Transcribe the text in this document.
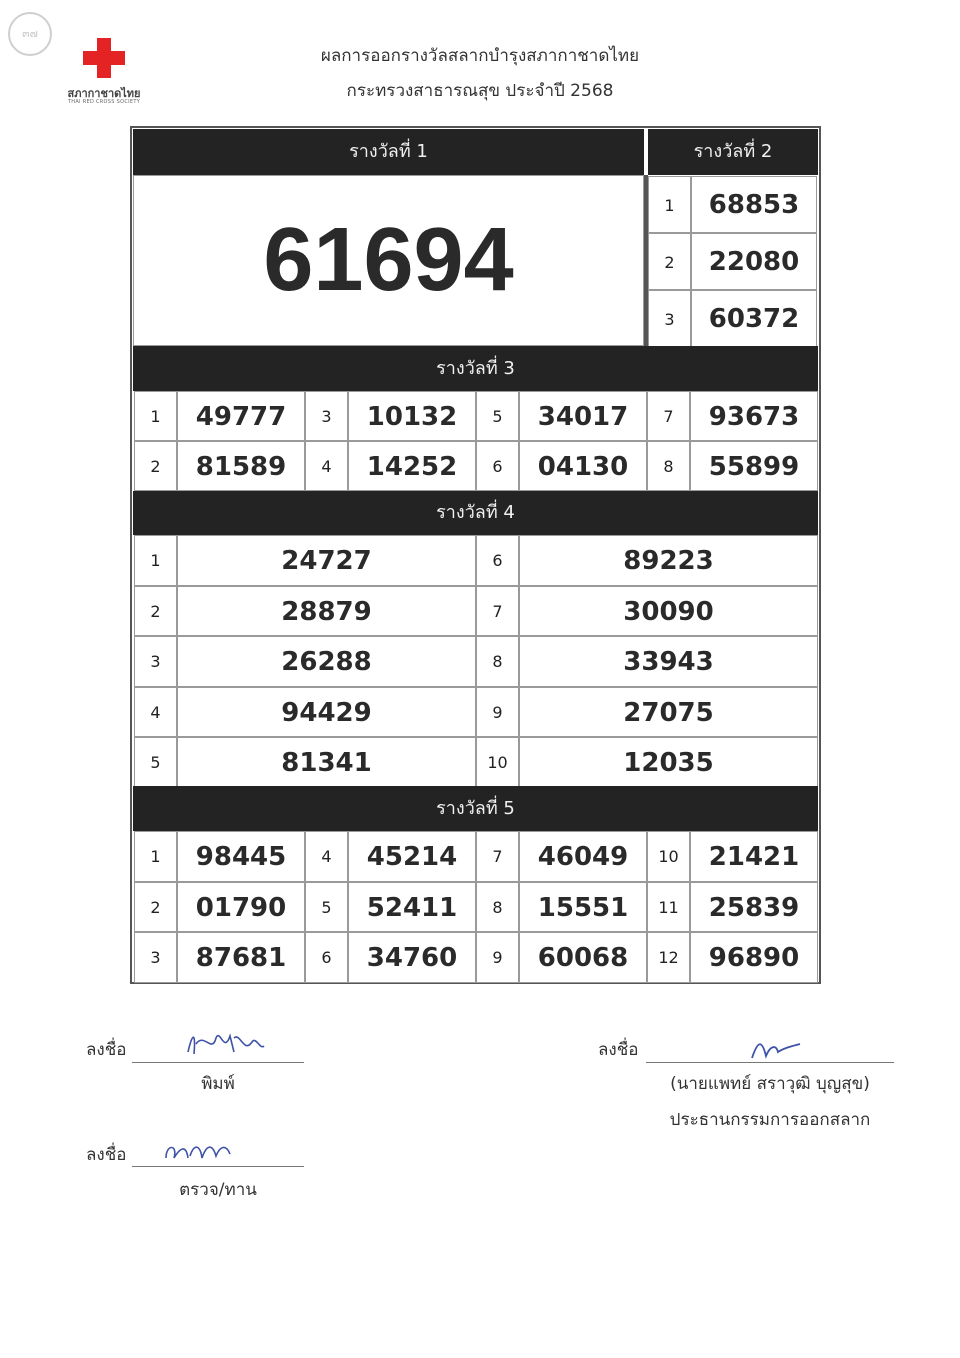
๓๗
สภากาชาดไทย
THAI RED CROSS SOCIETY
ผลการออกรางวัลสลากบำรุงสภากาชาดไทย
กระทรวงสาธารณสุข ประจำปี 2568
รางวัลที่ 1	รางวัลที่ 2
61694
1	68853
2	22080
3	60372
รางวัลที่ 3
1	49777	3	10132	5	34017	7	93673
2	81589	4	14252	6	04130	8	55899
รางวัลที่ 4
1	24727	6	89223
2	28879	7	30090
3	26288	8	33943
4	94429	9	27075
5	81341	10	12035
รางวัลที่ 5
1	98445	4	45214	7	46049	10	21421
2	01790	5	52411	8	15551	11	25839
3	87681	6	34760	9	60068	12	96890
ลงชื่อ
พิมพ์
ลงชื่อ
ตรวจ/ทาน
ลงชื่อ
(นายแพทย์ สราวุฒิ บุญสุข)
ประธานกรรมการออกสลาก
